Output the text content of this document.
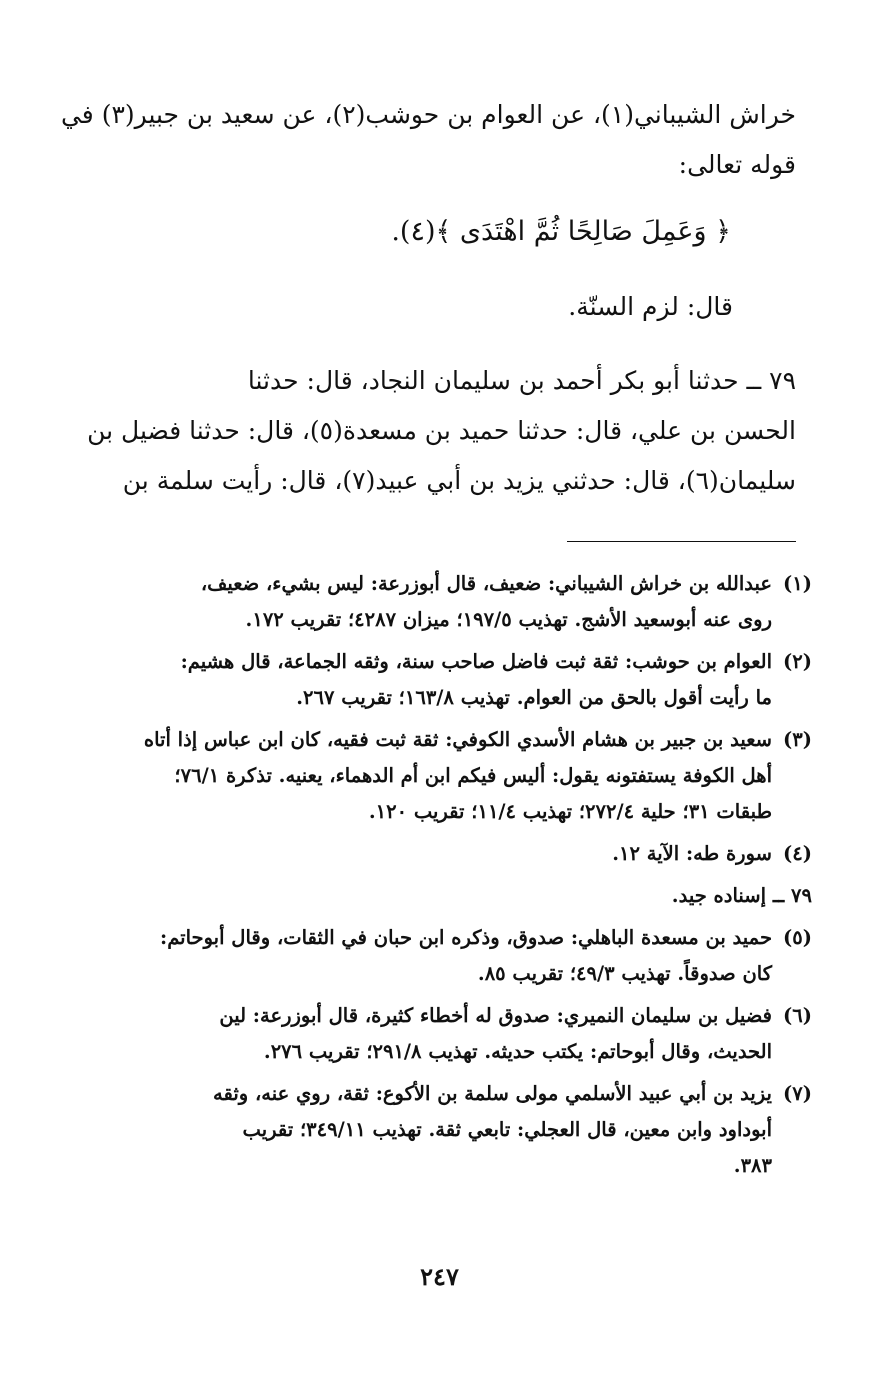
خراش الشيباني(١)، عن العوام بن حوشب(٢)، عن سعيد بن جبير(٣) في
قوله تعالى:
﴿ وَعَمِلَ صَالِحًا ثُمَّ اهْتَدَى ﴾(٤).
قال: لزم السنّة.
٧٩ ــ حدثنا أبو بكر أحمد بن سليمان النجاد، قال: حدثنا
الحسن بن علي، قال: حدثنا حميد بن مسعدة(٥)، قال: حدثنا فضيل بن
سليمان(٦)، قال: حدثني يزيد بن أبي عبيد(٧)، قال: رأيت سلمة بن
(١)
عبدالله بن خراش الشيباني: ضعيف، قال أبوزرعة: ليس بشيء، ضعيف،
روى عنه أبوسعيد الأشج. تهذيب ١٩٧/٥؛ ميزان ٤٢٨٧؛ تقريب ١٧٢.
(٢)
العوام بن حوشب: ثقة ثبت فاضل صاحب سنة، وثقه الجماعة، قال هشيم:
ما رأيت أقول بالحق من العوام. تهذيب ١٦٣/٨؛ تقريب ٢٦٧.
(٣)
سعيد بن جبير بن هشام الأسدي الكوفي: ثقة ثبت فقيه، كان ابن عباس إذا أتاه
أهل الكوفة يستفتونه يقول: أليس فيكم ابن أم الدهماء، يعنيه. تذكرة ٧٦/١؛
طبقات ٣١؛ حلية ٢٧٢/٤؛ تهذيب ١١/٤؛ تقريب ١٢٠.
(٤)
سورة طه: الآية ١٢.
٧٩ ــ إسناده جيد.
(٥)
حميد بن مسعدة الباهلي: صدوق، وذكره ابن حبان في الثقات، وقال أبوحاتم:
كان صدوقاً. تهذيب ٤٩/٣؛ تقريب ٨٥.
(٦)
فضيل بن سليمان النميري: صدوق له أخطاء كثيرة، قال أبوزرعة: لين
الحديث، وقال أبوحاتم: يكتب حديثه. تهذيب ٢٩١/٨؛ تقريب ٢٧٦.
(٧)
يزيد بن أبي عبيد الأسلمي مولى سلمة بن الأكوع: ثقة، روي عنه، وثقه
أبوداود وابن معين، قال العجلي: تابعي ثقة. تهذيب ٣٤٩/١١؛ تقريب
٣٨٣.
٢٤٧
